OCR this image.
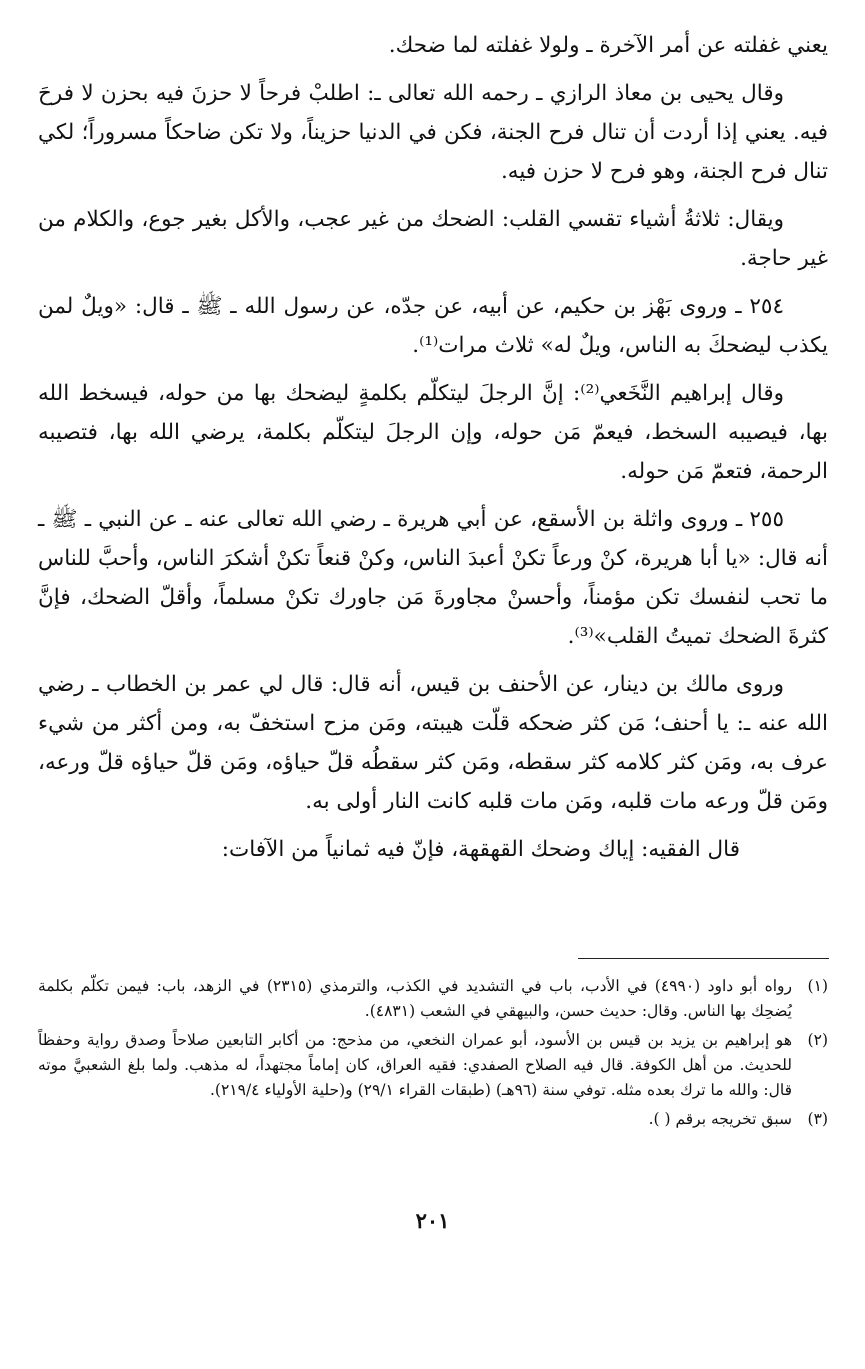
يعني غفلته عن أمر الآخرة ـ ولولا غفلته لما ضحك.

وقال يحيى بن معاذ الرازي ـ رحمه الله تعالى ـ: اطلبْ فرحاً لا حزنَ فيه بحزن لا فرحَ فيه. يعني إذا أردت أن تنال فرح الجنة، فكن في الدنيا حزيناً، ولا تكن ضاحكاً مسروراً؛ لكي تنال فرح الجنة، وهو فرح لا حزن فيه.

ويقال: ثلاثةُ أشياء تقسي القلب: الضحك من غير عجب، والأكل بغير جوع، والكلام من غير حاجة.

٢٥٤ ـ وروى بَهْز بن حكيم، عن أبيه، عن جدّه، عن رسول الله ـ ﷺ ـ قال: «ويلٌ لمن يكذب ليضحكَ به الناس، ويلٌ له» ثلاث مرات⁽¹⁾.

وقال إبراهيم النَّخَعي⁽²⁾: إنَّ الرجلَ ليتكلّم بكلمةٍ ليضحك بها من حوله، فيسخط الله بها، فيصيبه السخط، فيعمّ مَن حوله، وإن الرجلَ ليتكلّم بكلمة، يرضي الله بها، فتصيبه الرحمة، فتعمّ مَن حوله.

٢٥٥ ـ وروى واثلة بن الأسقع، عن أبي هريرة ـ رضي الله تعالى عنه ـ عن النبي ـ ﷺ ـ أنه قال: «يا أبا هريرة، كنْ ورعاً تكنْ أعبدَ الناس، وكنْ قنعاً تكنْ أشكرَ الناس، وأحبَّ للناس ما تحب لنفسك تكن مؤمناً، وأحسنْ مجاورةَ مَن جاورك تكنْ مسلماً، وأقلّ الضحك، فإنَّ كثرةَ الضحك تميتُ القلب»⁽³⁾.

وروى مالك بن دينار، عن الأحنف بن قيس، أنه قال: قال لي عمر بن الخطاب ـ رضي الله عنه ـ: يا أحنف؛ مَن كثر ضحكه قلّت هيبته، ومَن مزح استخفّ به، ومن أكثر من شيء عرف به، ومَن كثر كلامه كثر سقطه، ومَن كثر سقطُه قلّ حياؤه، ومَن قلّ حياؤه قلّ ورعه، ومَن قلّ ورعه مات قلبه، ومَن مات قلبه كانت النار أولى به.

قال الفقيه: إياك وضحك القهقهة، فإنّ فيه ثمانياً من الآفات:

(١)
رواه أبو داود (٤٩٩٠) في الأدب، باب في التشديد في الكذب، والترمذي (٢٣١٥) في الزهد، باب: فيمن تكلّم بكلمة يُضحِك بها الناس. وقال: حديث حسن، والبيهقي في الشعب (٤٨٣١).
(٢)
هو إبراهيم بن يزيد بن قيس بن الأسود، أبو عمران النخعي، من مذحج: من أكابر التابعين صلاحاً وصدق رواية وحفظاً للحديث. من أهل الكوفة. قال فيه الصلاح الصفدي: فقيه العراق، كان إماماً مجتهداً، له مذهب. ولما بلغ الشعبيَّ موته قال: والله ما ترك بعده مثله. توفي سنة (٩٦هـ) (طبقات القراء ٢٩/١) و(حلية الأولياء ٢١٩/٤).
(٣)
سبق تخريجه برقم ( ).
٢٠١
